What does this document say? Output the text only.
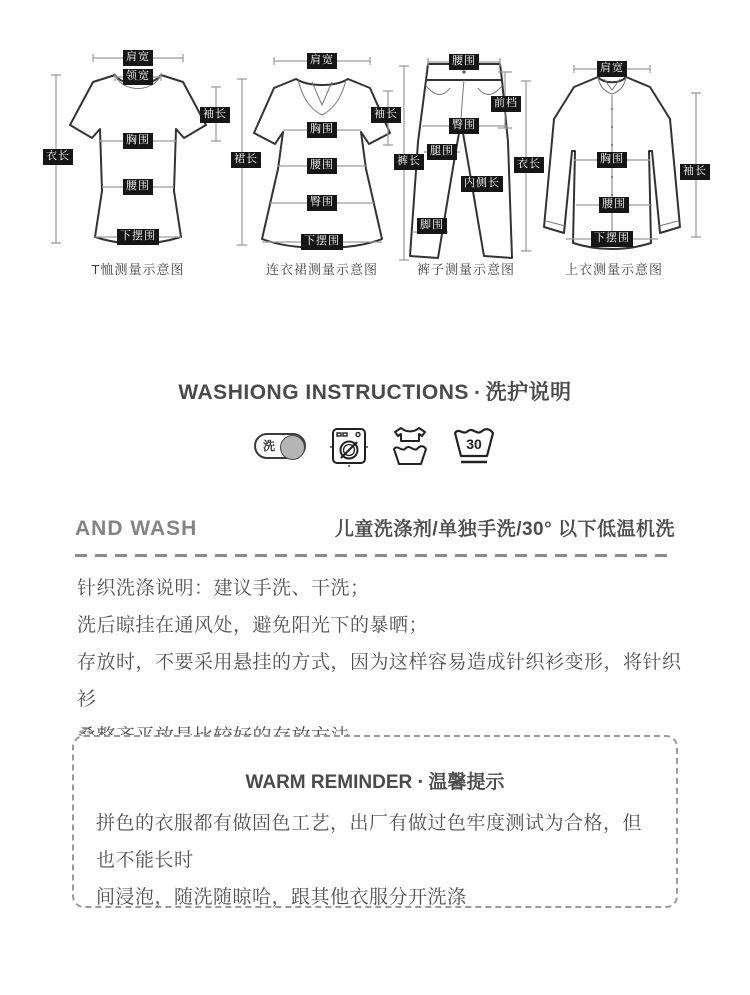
肩宽
领宽
袖长
胸围
衣长
腰围
下摆围
T恤测量示意图
肩宽
袖长
胸围
裙长	腰围
臀围
下摆围
连衣裙测量示意图
腰围
前档
臀围
腿围
裤长
内侧长
脚围
裤子测量示意图
肩宽
胸围
衣长
袖长
腰围
下摆围
上衣测量示意图
WASHIONG INSTRUCTIONS ▪ 洗护说明
洗	30
AND WASH	儿童洗涤剂/单独手洗/30° 以下低温机洗
针织洗涤说明：建议手洗、干洗；
洗后晾挂在通风处，避免阳光下的暴晒；
存放时，不要采用悬挂的方式，因为这样容易造成针织衫变形，将针织衫
WARM REMINDER ▪ 温馨提示
拼色的衣服都有做固色工艺，出厂有做过色牢度测试为合格，但也不能长时
间浸泡，随洗随晾哈，跟其他衣服分开洗涤
